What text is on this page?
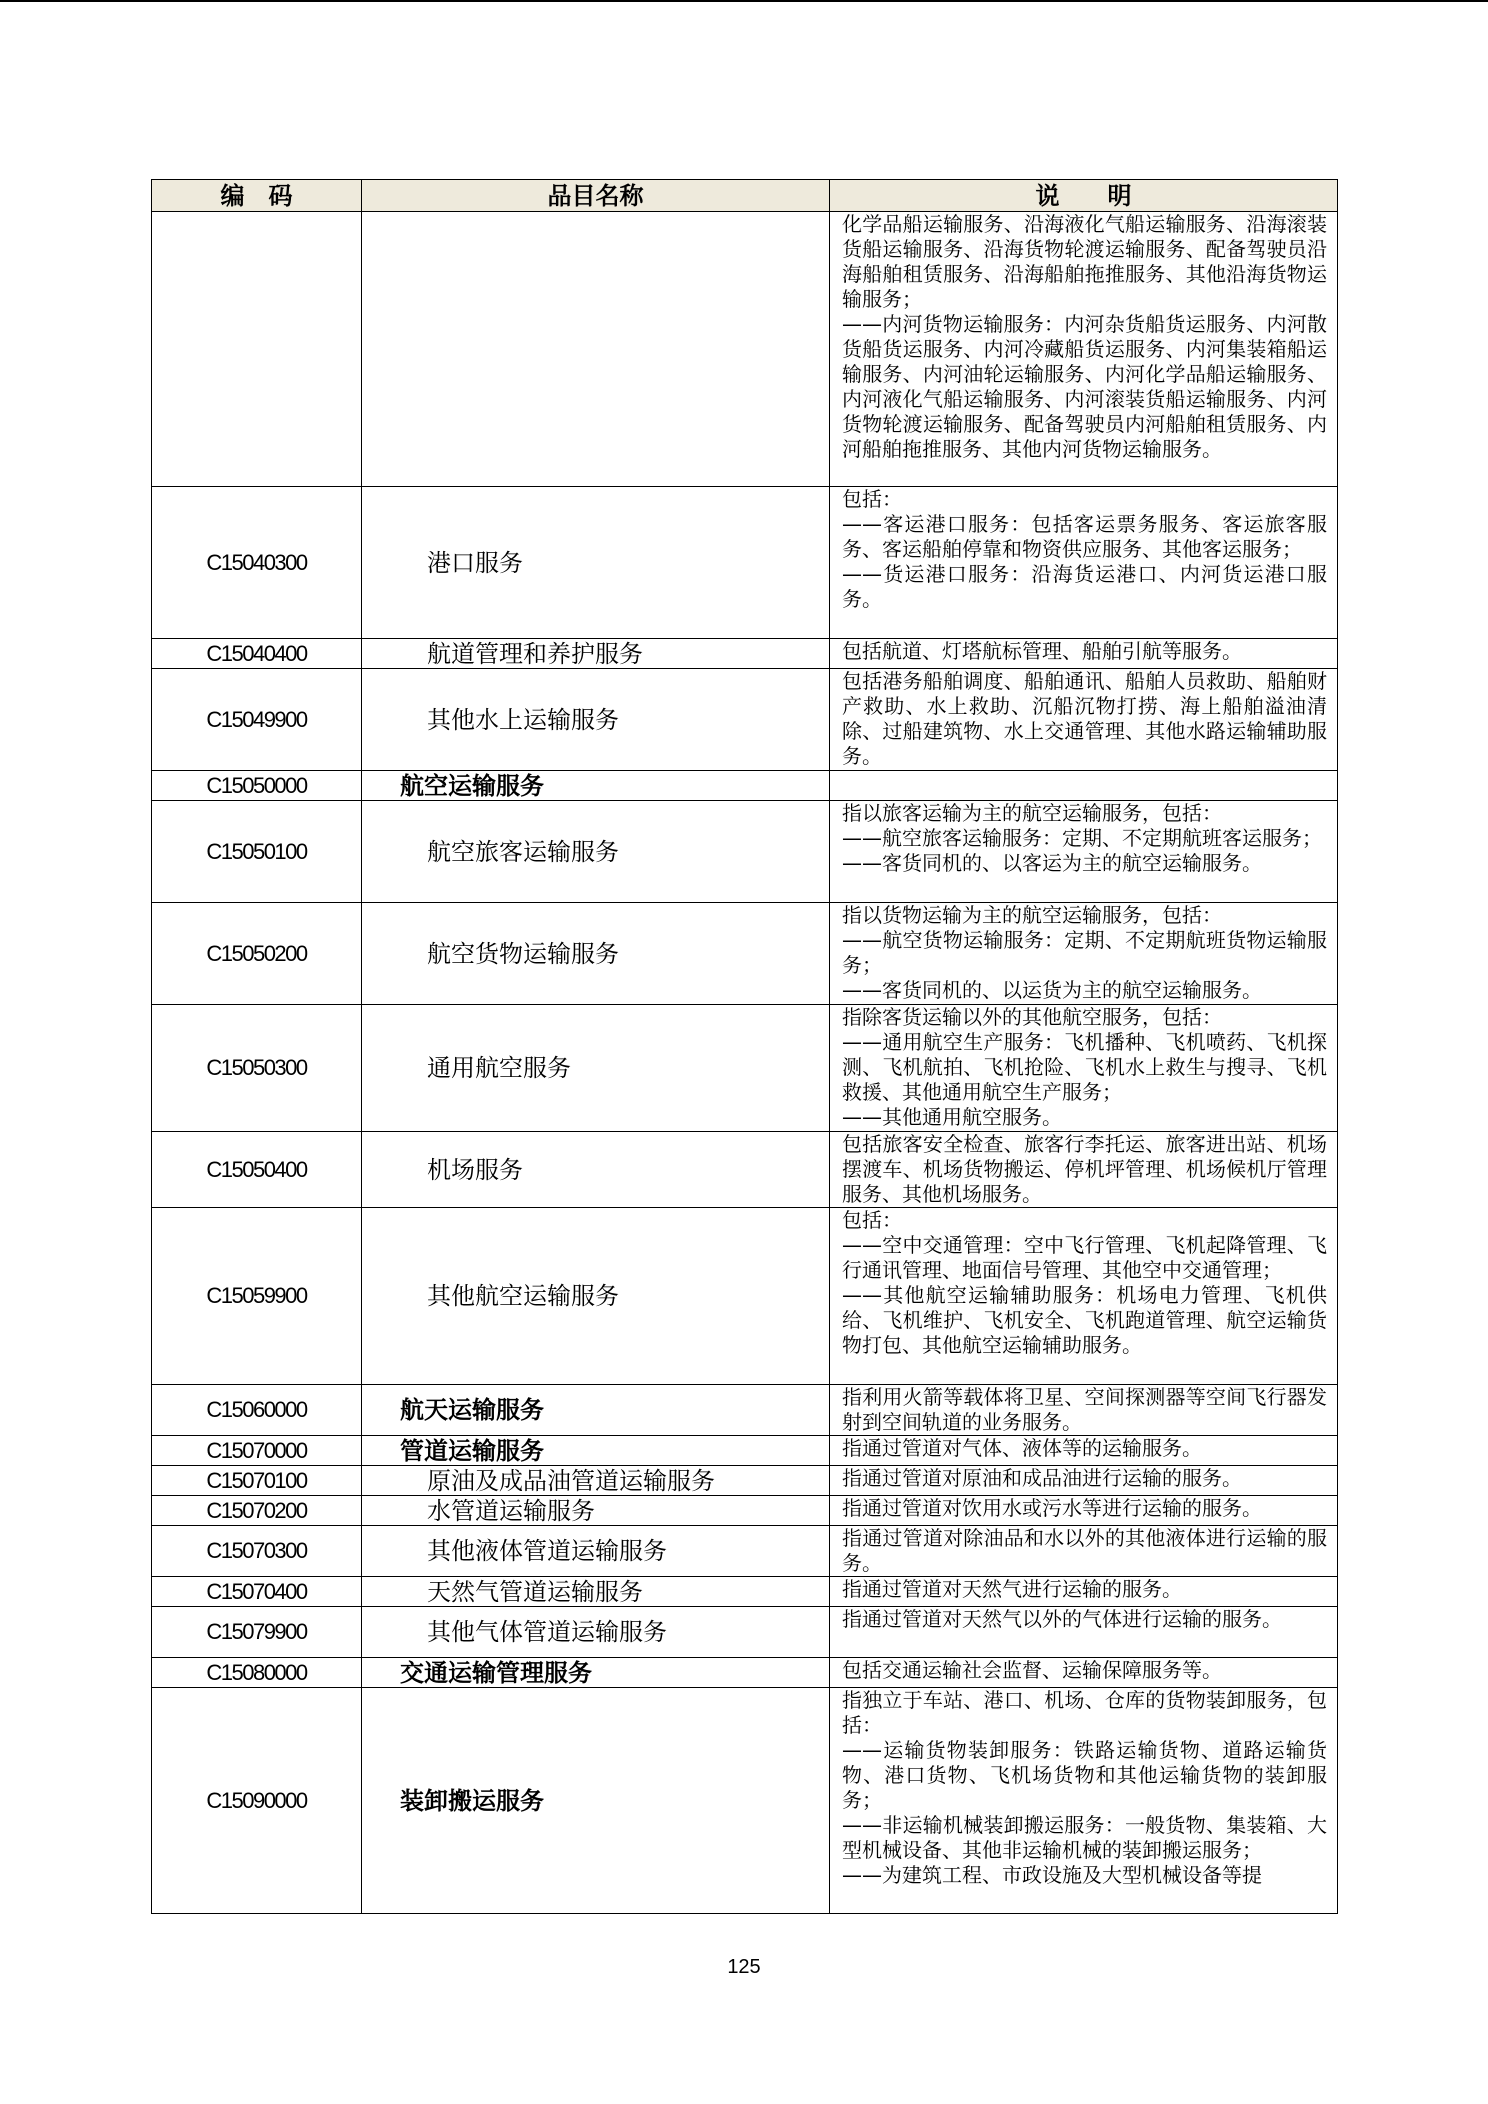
编　码	品目名称	说　　明

		化学品船运输服务、沿海液化气船运输服务、沿海滚装货船运输服务、沿海货物轮渡运输服务、配备驾驶员沿海船舶租赁服务、沿海船舶拖推服务、其他沿海货物运输服务；
——内河货物运输服务：内河杂货船货运服务、内河散货船货运服务、内河冷藏船货运服务、内河集装箱船运输服务、内河油轮运输服务、内河化学品船运输服务、内河液化气船运输服务、内河滚装货船运输服务、内河货物轮渡运输服务、配备驾驶员内河船舶租赁服务、内河船舶拖推服务、其他内河货物运输服务。

C15040300	港口服务	包括：
——客运港口服务：包括客运票务服务、客运旅客服务、客运船舶停靠和物资供应服务、其他客运服务；
——货运港口服务：沿海货运港口、内河货运港口服务。

C15040400	航道管理和养护服务	包括航道、灯塔航标管理、船舶引航等服务。

C15049900	其他水上运输服务	包括港务船舶调度、船舶通讯、船舶人员救助、船舶财产救助、水上救助、沉船沉物打捞、海上船舶溢油清除、过船建筑物、水上交通管理、其他水路运输辅助服务。

C15050000	航空运输服务	
C15050100	航空旅客运输服务	指以旅客运输为主的航空运输服务，包括：
——航空旅客运输服务：定期、不定期航班客运服务；
——客货同机的、以客运为主的航空运输服务。

C15050200	航空货物运输服务	指以货物运输为主的航空运输服务，包括：
——航空货物运输服务：定期、不定期航班货物运输服务；
——客货同机的、以运货为主的航空运输服务。

C15050300	通用航空服务	指除客货运输以外的其他航空服务，包括：
——通用航空生产服务：飞机播种、飞机喷药、飞机探测、飞机航拍、飞机抢险、飞机水上救生与搜寻、飞机救援、其他通用航空生产服务；
——其他通用航空服务。

C15050400	机场服务	包括旅客安全检查、旅客行李托运、旅客进出站、机场摆渡车、机场货物搬运、停机坪管理、机场候机厅管理服务、其他机场服务。

C15059900	其他航空运输服务	包括：
——空中交通管理：空中飞行管理、飞机起降管理、飞行通讯管理、地面信号管理、其他空中交通管理；
——其他航空运输辅助服务：机场电力管理、飞机供给、飞机维护、飞机安全、飞机跑道管理、航空运输货物打包、其他航空运输辅助服务。

C15060000	航天运输服务	指利用火箭等载体将卫星、空间探测器等空间飞行器发射到空间轨道的业务服务。

C15070000	管道运输服务	指通过管道对气体、液体等的运输服务。

C15070100	原油及成品油管道运输服务	指通过管道对原油和成品油进行运输的服务。

C15070200	水管道运输服务	指通过管道对饮用水或污水等进行运输的服务。

C15070300	其他液体管道运输服务	指通过管道对除油品和水以外的其他液体进行运输的服务。

C15070400	天然气管道运输服务	指通过管道对天然气进行运输的服务。

C15079900	其他气体管道运输服务	指通过管道对天然气以外的气体进行运输的服务。

C15080000	交通运输管理服务	包括交通运输社会监督、运输保障服务等。

C15090000	装卸搬运服务	指独立于车站、港口、机场、仓库的货物装卸服务，包括：
——运输货物装卸服务：铁路运输货物、道路运输货物、港口货物、飞机场货物和其他运输货物的装卸服务；
——非运输机械装卸搬运服务：一般货物、集装箱、大型机械设备、其他非运输机械的装卸搬运服务；
——为建筑工程、市政设施及大型机械设备等提
125
